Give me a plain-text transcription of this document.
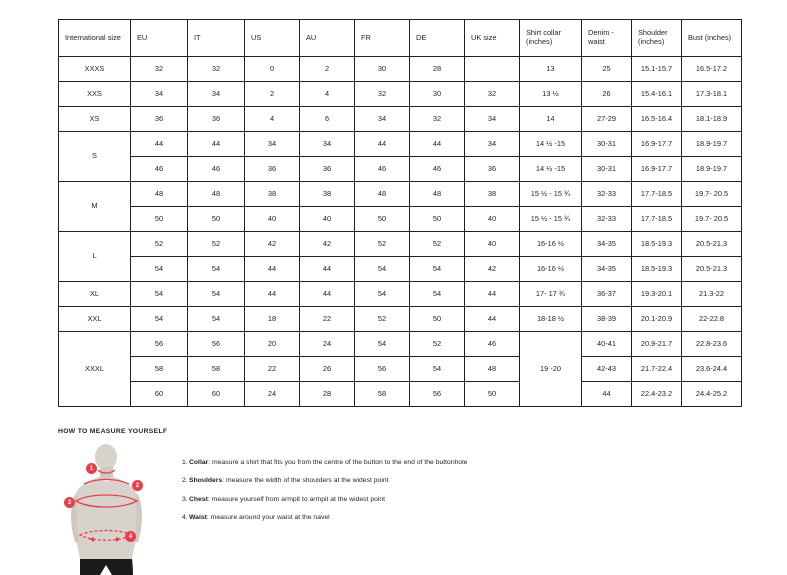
International size	EU	IT	US	AU	FR	DE	UK size	Shirt collar (inches)	Denim - waist	Shoulder (inches)	Bust (inches)
XXXS	32	32	0	2	30	28		13	25	15.1-15.7	16.5-17.2
XXS	34	34	2	4	32	30	32	13 ½	26	15.4-16.1	17.3-18.1
XS	36	36	4	6	34	32	34	14	27-29	16.5-16.4	18.1-18.9
S	44	44	34	34	44	44	34	14 ½ -15	30-31	16.9-17.7	18.9-19.7
	46	46	36	36	46	46	36	14 ½ -15	30-31	16.9-17.7	18.9-19.7
M	48	48	38	38	48	48	38	15 ½ - 15 ¾	32-33	17.7-18.5	19.7- 20.5
	50	50	40	40	50	50	40	15 ½ - 15 ¾	32-33	17.7-18.5	19.7- 20.5
L	52	52	42	42	52	52	40	16-16 ½	34-35	18.5-19.3	20.5-21.3
	54	54	44	44	54	54	42	16-16 ½	34-35	18.5-19.3	20.5-21.3
XL	54	54	44	44	54	54	44	17- 17 ¾	36-37	19.3-20.1	21.3-22
XXL	54	54	18	22	52	50	44	18-18 ½	38-39	20.1-20.9	22-22.8
XXXL	56	56	20	24	54	52	46	19 -20	40-41	20.9-21.7	22.8-23.6
	58	58	22	26	56	54	48		42-43	21.7-22.4	23.6-24.4
	60	60	24	28	58	56	50		44	22.4-23.2	24.4-25.2
HOW TO MEASURE YOURSELF
1
2
3
4
1.Collar: measure a shirt that fits you from the centre of the button to the end of the buttonhole
2.Shoulders: measure the width of the shoulders at the widest point
3.Chest: measure yourself from armpit to armpit at the widest point
4.Waist: measure around your waist at the navel
